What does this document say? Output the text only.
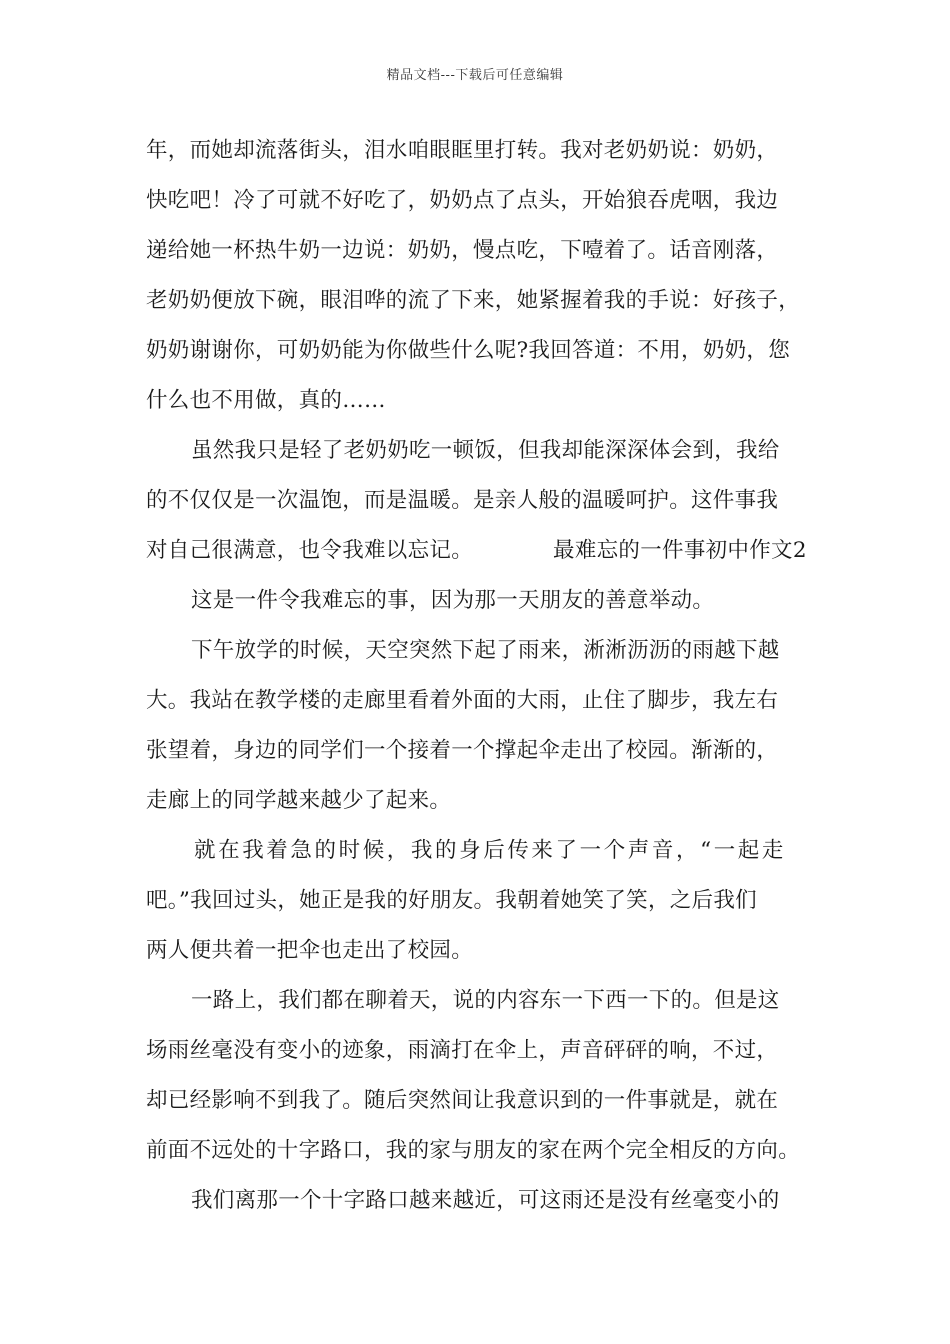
精品文档---下载后可任意编辑
年，而她却流落街头，泪水咱眼眶里打转。我对老奶奶说：奶奶，
快吃吧！冷了可就不好吃了，奶奶点了点头，开始狼吞虎咽，我边
递给她一杯热牛奶一边说：奶奶，慢点吃，下噎着了。话音刚落，
老奶奶便放下碗，眼泪哗的流了下来，她紧握着我的手说：好孩子，
奶奶谢谢你，可奶奶能为你做些什么呢?我回答道：不用，奶奶，您
什么也不用做，真的……
虽然我只是轻了老奶奶吃一顿饭，但我却能深深体会到，我给
的不仅仅是一次温饱，而是温暖。是亲人般的温暖呵护。这件事我
对自己很满意，也令我难以忘记。	最难忘的一件事初中作文2
这是一件令我难忘的事，因为那一天朋友的善意举动。
下午放学的时候，天空突然下起了雨来，淅淅沥沥的雨越下越
大。我站在教学楼的走廊里看着外面的大雨，止住了脚步，我左右
张望着，身边的同学们一个接着一个撑起伞走出了校园。渐渐的，
走廊上的同学越来越少了起来。
就在我着急的时候，我的身后传来了一个声音，“一起走
吧。”我回过头，她正是我的好朋友。我朝着她笑了笑，之后我们
两人便共着一把伞也走出了校园。
一路上，我们都在聊着天，说的内容东一下西一下的。但是这
场雨丝毫没有变小的迹象，雨滴打在伞上，声音砰砰的响，不过，
却已经影响不到我了。随后突然间让我意识到的一件事就是，就在
前面不远处的十字路口，我的家与朋友的家在两个完全相反的方向。
我们离那一个十字路口越来越近，可这雨还是没有丝毫变小的
